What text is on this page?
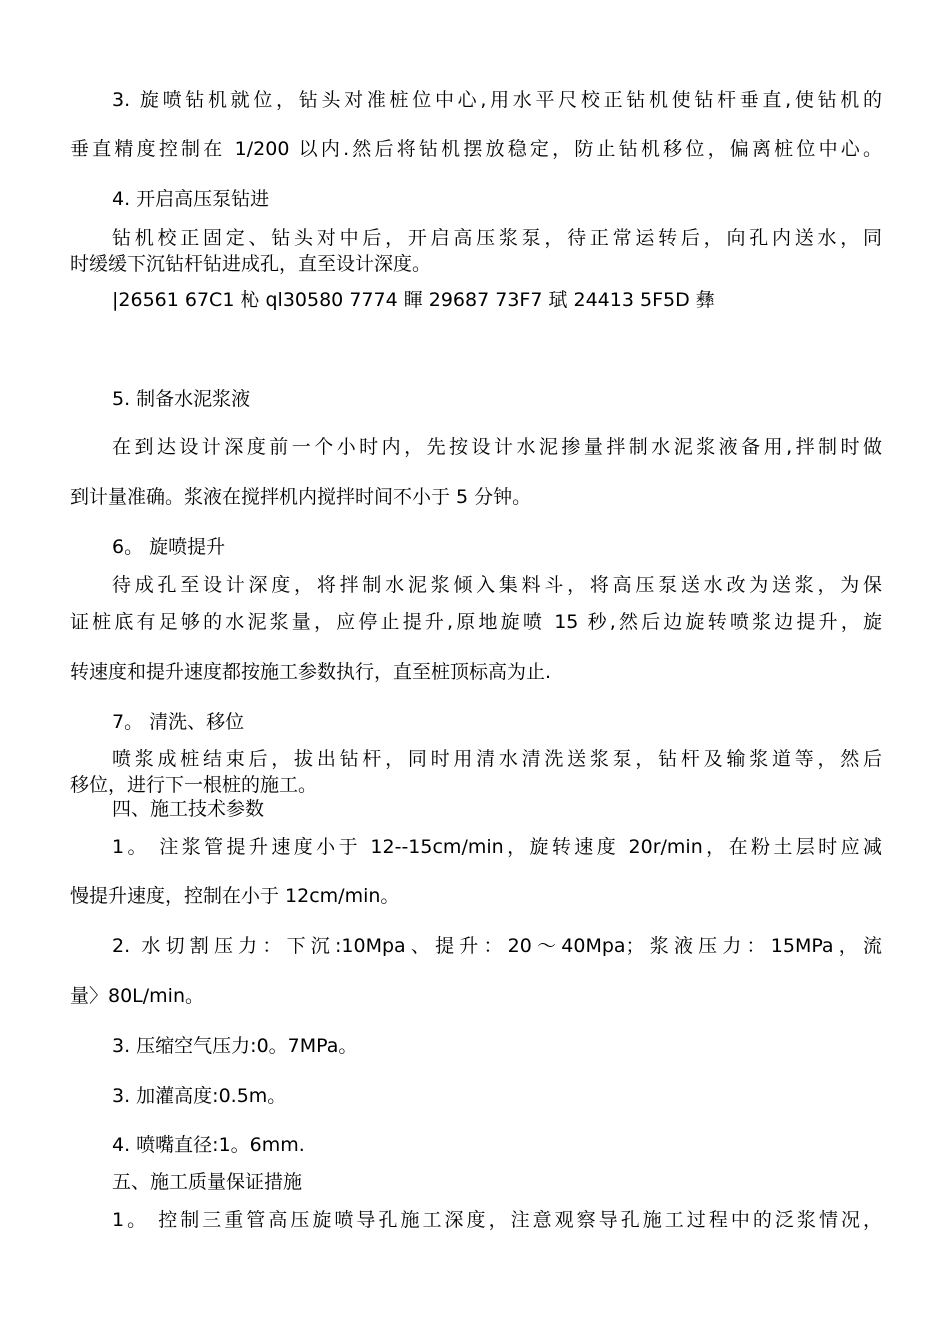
3. 旋喷钻机就位，钻头对准桩位中心,用水平尺校正钻机使钻杆垂直,使钻机的
垂直精度控制在 1/200 以内.然后将钻机摆放稳定，防止钻机移位，偏离桩位中心。
4. 开启高压泵钻进
钻机校正固定、钻头对中后，开启高压浆泵，待正常运转后，向孔内送水，同
时缓缓下沉钻杆钻进成孔，直至设计深度。
|26561 67C1 杺 ql30580 7774 睴 29687 73F7 珷 24413 5F5D 彝
5. 制备水泥浆液
在到达设计深度前一个小时内，先按设计水泥掺量拌制水泥浆液备用,拌制时做
到计量准确。浆液在搅拌机内搅拌时间不小于 5 分钟。
6。 旋喷提升
待成孔至设计深度，将拌制水泥浆倾入集料斗，将高压泵送水改为送浆，为保
证桩底有足够的水泥浆量，应停止提升,原地旋喷 15 秒,然后边旋转喷浆边提升，旋
转速度和提升速度都按施工参数执行，直至桩顶标高为止.
7。 清洗、移位
喷浆成桩结束后，拔出钻杆，同时用清水清洗送浆泵，钻杆及输浆道等，然后
移位，进行下一根桩的施工。
四、施工技术参数
1。 注浆管提升速度小于 12--15cm/min，旋转速度 20r/min，在粉土层时应减
慢提升速度，控制在小于 12cm/min。
2. 水切割压力：下沉:10Mpa、提升：20～40Mpa；浆液压力：15MPa，流
量〉80L/min。
3. 压缩空气压力:0。7MPa。
3. 加灌高度:0.5m。
4. 喷嘴直径:1。6mm.
五、施工质量保证措施
1。 控制三重管高压旋喷导孔施工深度，注意观察导孔施工过程中的泛浆情况，
